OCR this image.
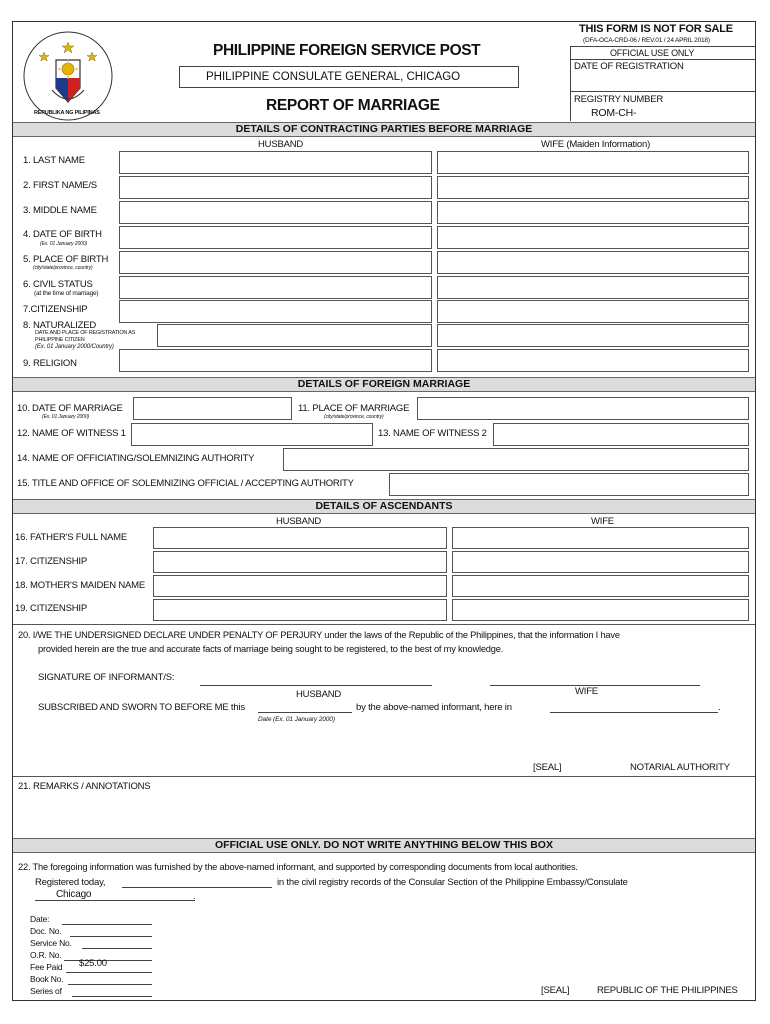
REPUBLIKA NG PILIPINAS
PHILIPPINE FOREIGN SERVICE POST
PHILIPPINE CONSULATE GENERAL, CHICAGO
REPORT OF MARRIAGE
THIS FORM IS NOT FOR SALE
(DFA-OCA-CRD-06 / REV.01 / 24 APRIL 2018)
OFFICIAL USE ONLY
DATE OF REGISTRATION
REGISTRY NUMBER
ROM-CH-
DETAILS OF CONTRACTING PARTIES BEFORE MARRIAGE
HUSBAND	WIFE (Maiden Information)
1. LAST NAME
2. FIRST NAME/S
3. MIDDLE NAME
4. DATE OF BIRTH
(Ex. 01 January 2000)
5. PLACE OF BIRTH
(city/state/province, country)
6. CIVIL STATUS
(at the time of marriage)
7.CITIZENSHIP
8. NATURALIZED
DATE AND PLACE OF REGISTRATION AS
PHILIPPINE CITIZEN
(Ex. 01 January 2000/Country)
9. RELIGION
DETAILS OF FOREIGN MARRIAGE
10. DATE OF MARRIAGE
(Ex. 01 January 2000)
11. PLACE OF MARRIAGE
(city/state/province, country)
12. NAME OF WITNESS 1	13. NAME OF WITNESS 2
14. NAME OF OFFICIATING/SOLEMNIZING AUTHORITY
15. TITLE AND OFFICE OF SOLEMNIZING OFFICIAL / ACCEPTING AUTHORITY
DETAILS OF ASCENDANTS
HUSBAND	WIFE
16. FATHER'S FULL NAME
17. CITIZENSHIP
18. MOTHER'S MAIDEN NAME
19. CITIZENSHIP
20. I/WE THE UNDERSIGNED DECLARE UNDER PENALTY OF PERJURY under the laws of the Republic of the Philippines, that the information I have
provided herein are the true and accurate facts of marriage being sought to be registered, to the best of my knowledge.
SIGNATURE OF INFORMANT/S:
HUSBAND	WIFE
SUBSCRIBED AND SWORN TO BEFORE ME this
Date (Ex. 01 January 2000)
by the above-named informant, here in	.
[SEAL]	NOTARIAL AUTHORITY
21. REMARKS / ANNOTATIONS
OFFICIAL USE ONLY. DO NOT WRITE ANYTHING BELOW THIS BOX
22. The foregoing information was furnished by the above-named informant, and supported by corresponding documents from local authorities.
Registered today,	in the civil registry records of the Consular Section of the Philippine Embassy/Consulate
Chicago	.
Date:
Doc. No.
Service No.
O.R. No.
Fee Paid $25.00
Book No.
Series of	[SEAL]	REPUBLIC OF THE PHILIPPINES
